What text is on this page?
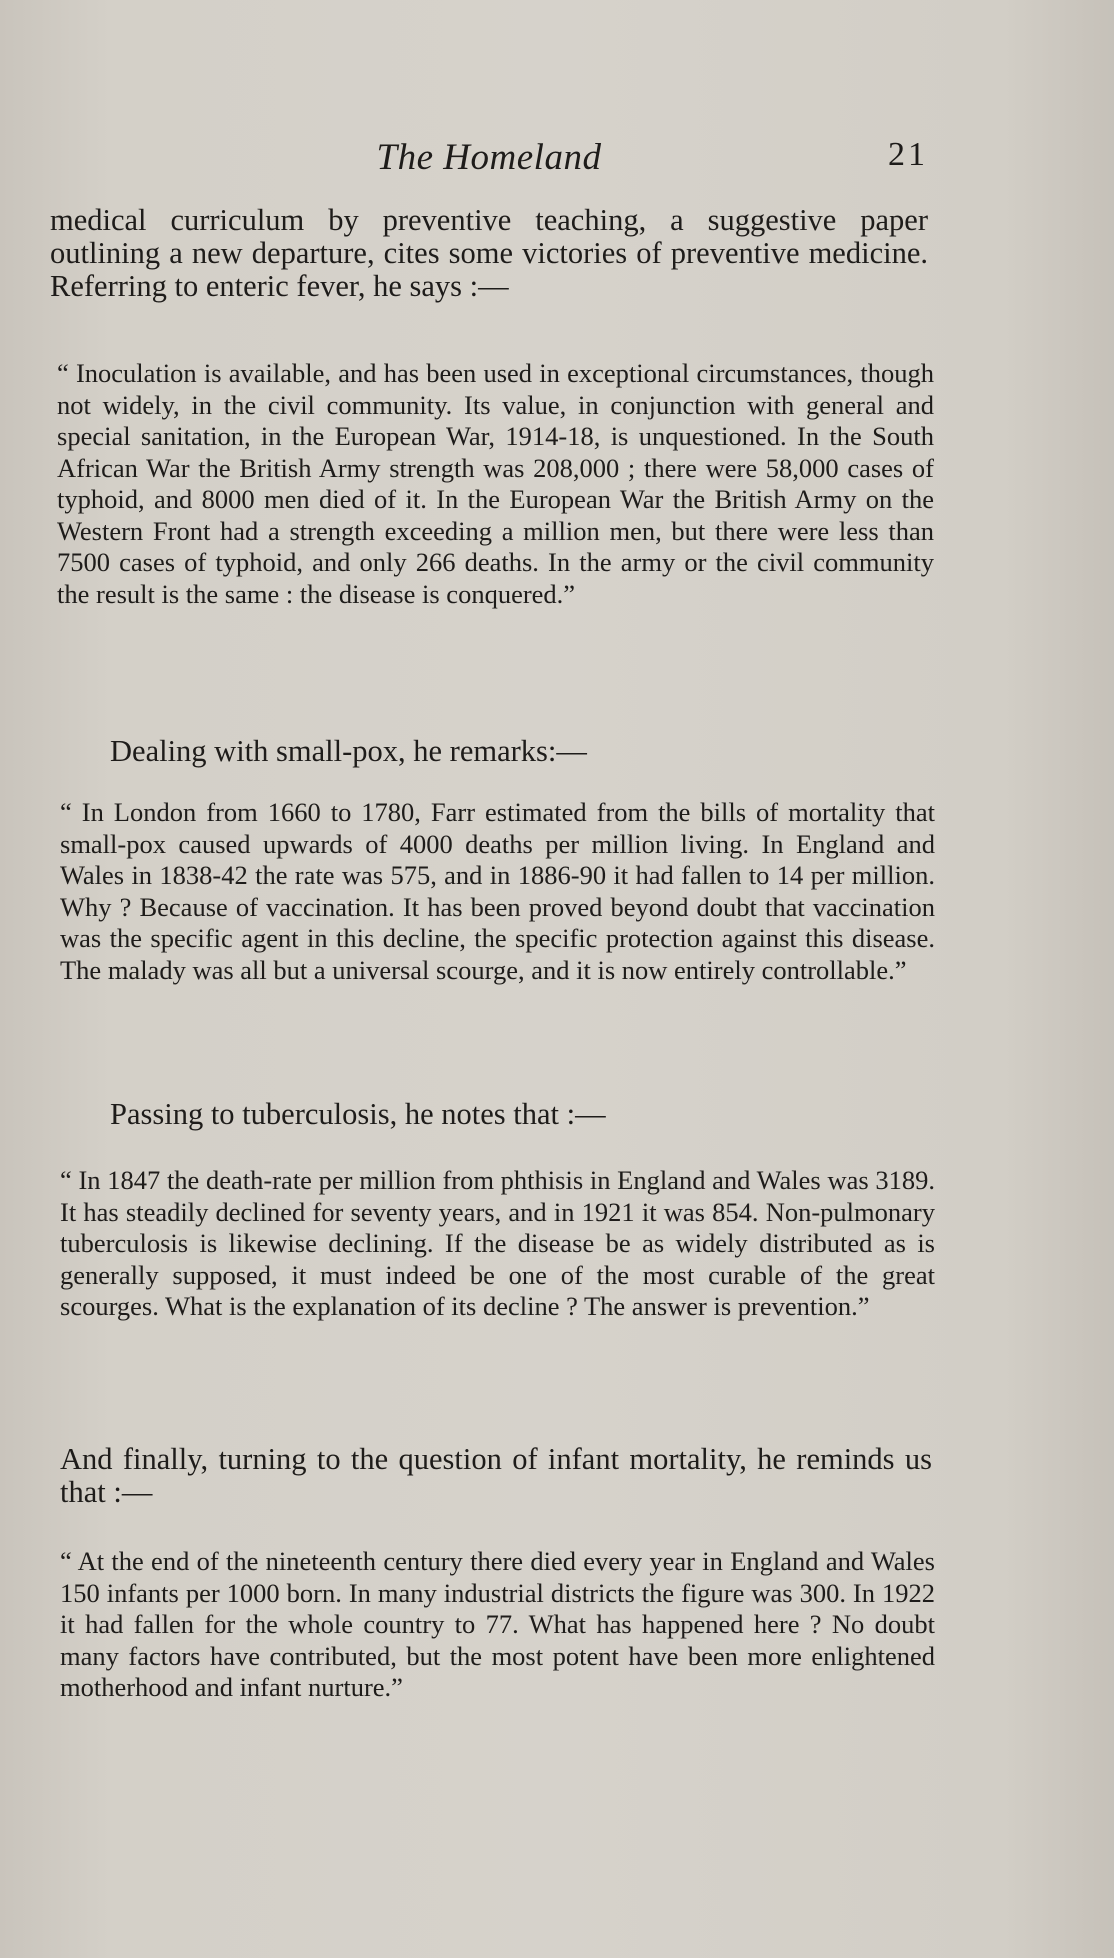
The Homeland	21

medical curriculum by preventive teaching, a suggestive paper outlining a new departure, cites some victories of preventive medicine. Referring to enteric fever, he says :—

“ Inoculation is available, and has been used in exceptional circumstances, though not widely, in the civil community. Its value, in conjunction with general and special sanitation, in the European War, 1914-18, is unquestioned. In the South African War the British Army strength was 208,000 ; there were 58,000 cases of typhoid, and 8000 men died of it. In the European War the British Army on the Western Front had a strength exceeding a million men, but there were less than 7500 cases of typhoid, and only 266 deaths. In the army or the civil community the result is the same : the disease is conquered.”

Dealing with small-pox, he remarks:—

“ In London from 1660 to 1780, Farr estimated from the bills of mortality that small-pox caused upwards of 4000 deaths per million living. In England and Wales in 1838-42 the rate was 575, and in 1886-90 it had fallen to 14 per million. Why ? Because of vaccination. It has been proved beyond doubt that vaccination was the specific agent in this decline, the specific protection against this disease. The malady was all but a universal scourge, and it is now entirely controllable.”

Passing to tuberculosis, he notes that :—

“ In 1847 the death-rate per million from phthisis in England and Wales was 3189. It has steadily declined for seventy years, and in 1921 it was 854. Non-pulmonary tuberculosis is likewise declining. If the disease be as widely distributed as is generally supposed, it must indeed be one of the most curable of the great scourges. What is the explanation of its decline ? The answer is prevention.”

And finally, turning to the question of infant mortality, he reminds us that :—

“ At the end of the nineteenth century there died every year in England and Wales 150 infants per 1000 born. In many industrial districts the figure was 300. In 1922 it had fallen for the whole country to 77. What has happened here ? No doubt many factors have contributed, but the most potent have been more enlightened motherhood and infant nurture.”
